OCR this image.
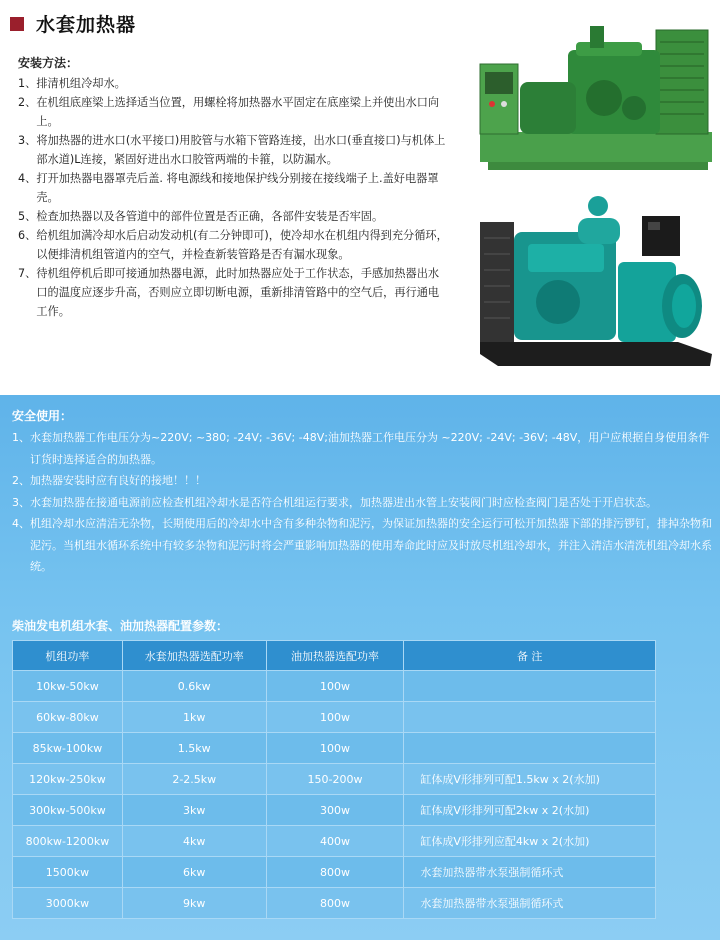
水套加热器
安装方法：
1、 排清机组冷却水。
2、 在机组底座梁上选择适当位置，用螺栓将加热器水平固定在底座梁上并使出水口向上。
3、 将加热器的进水口(水平接口)用胶管与水箱下管路连接，出水口(垂直接口)与机体上部水道)L连接，紧固好进出水口胶管两端的卡箍，以防漏水。
4、 打开加热器电器罩壳后盖. 将电源线和接地保护线分别接在接线端子上.盖好电器罩壳。
5、 检查加热器以及各管道中的部件位置是否正确，各部件安装是否牢固。
6、 给机组加满冷却水后启动发动机(有二分钟即可)，使冷却水在机组内得到充分循环，以便排清机组管道内的空气，并检查新装管路是否有漏水现象。
7、 待机组停机后即可接通加热器电源，此时加热器应处于工作状态，手感加热器出水口的温度应逐步升高，否则应立即切断电源，重新排清管路中的空气后，再行通电工作。
安全使用：
1、 水套加热器工作电压分为~220V; ~380; -24V; -36V; -48V;油加热器工作电压分为 ~220V; -24V; -36V; -48V，用户应根据自身使用条件订货时选择适合的加热器。
2、 加热器安装时应有良好的接地！！！
3、 水套加热器在接通电源前应检查机组冷却水是否符合机组运行要求，加热器进出水管上安装阀门时应检查阀门是否处于开启状态。
4、 机组冷却水应清洁无杂物，长期使用后的冷却水中含有多种杂物和泥污，为保证加热器的安全运行可松开加热器下部的排污锣钉，排掉杂物和泥污。当机组水循环系统中有较多杂物和泥污时将会严重影响加热器的使用寿命此时应及时放尽机组冷却水，并注入清洁水清洗机组冷却水系统。
柴油发电机组水套、油加热器配置参数：
机组功率	水套加热器选配功率	油加热器选配功率	备 注
10kw-50kw	0.6kw	100w	
60kw-80kw	1kw	100w	
85kw-100kw	1.5kw	100w	
120kw-250kw	2-2.5kw	150-200w	缸体成V形排列可配1.5kw x 2(水加)
300kw-500kw	3kw	300w	缸体成V形排列可配2kw x 2(水加)
800kw-1200kw	4kw	400w	缸体成V形排列应配4kw x 2(水加)
1500kw	6kw	800w	水套加热器带水泵强制循环式
3000kw	9kw	800w	水套加热器带水泵强制循环式
